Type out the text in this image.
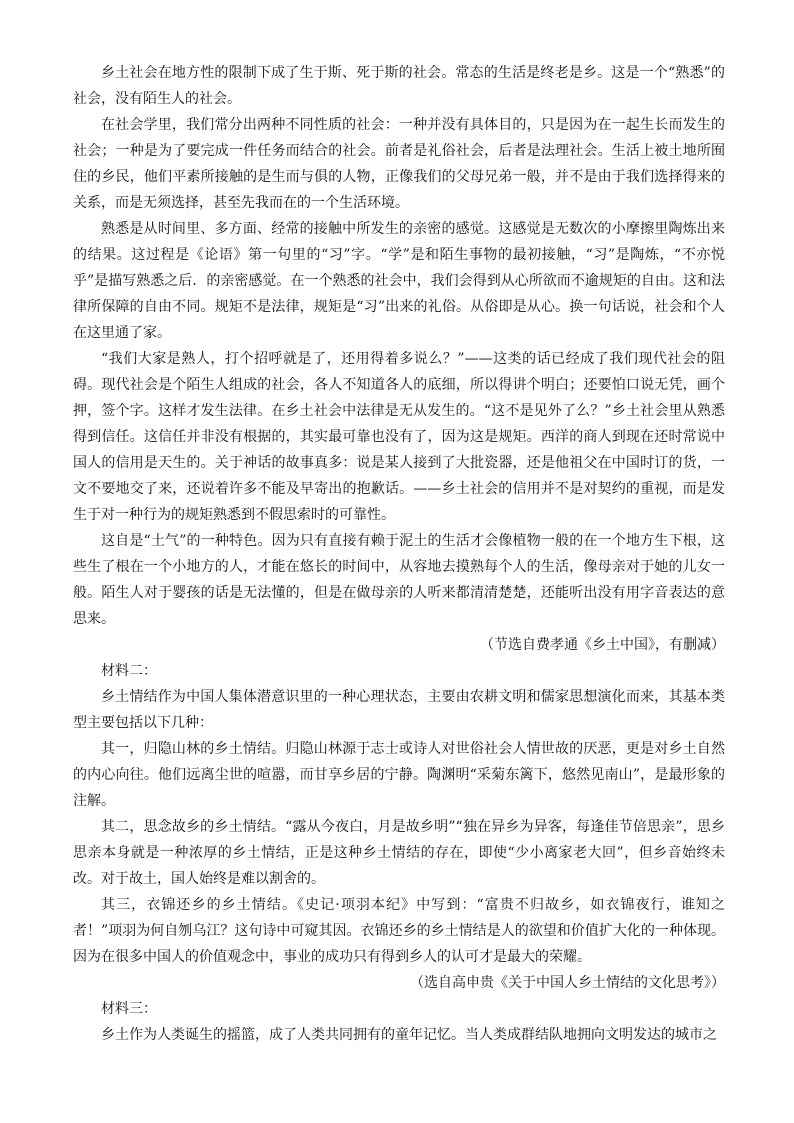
乡土社会在地方性的限制下成了生于斯、死于斯的社会。常态的生活是终老是乡。这是一个“熟悉”的社会，没有陌生人的社会。

在社会学里，我们常分出两种不同性质的社会：一种并没有具体目的，只是因为在一起生长而发生的社会；一种是为了要完成一件任务而结合的社会。前者是礼俗社会，后者是法理社会。生活上被土地所囿住的乡民，他们平素所接触的是生而与俱的人物，正像我们的父母兄弟一般，并不是由于我们选择得来的关系，而是无须选择，甚至先我而在的一个生活环境。

熟悉是从时间里、多方面、经常的接触中所发生的亲密的感觉。这感觉是无数次的小摩擦里陶炼出来的结果。这过程是《论语》第一句里的“习”字。“学”是和陌生事物的最初接触，“习”是陶炼，“不亦悦乎”是描写熟悉之后．的亲密感觉。在一个熟悉的社会中，我们会得到从心所欲而不逾规矩的自由。这和法律所保障的自由不同。规矩不是法律，规矩是“习”出来的礼俗。从俗即是从心。换一句话说，社会和个人在这里通了家。

“我们大家是熟人，打个招呼就是了，还用得着多说么？”——这类的话已经成了我们现代社会的阻碍。现代社会是个陌生人组成的社会，各人不知道各人的底细，所以得讲个明白；还要怕口说无凭，画个押，签个字。这样才发生法律。在乡土社会中法律是无从发生的。“这不是见外了么？”乡土社会里从熟悉得到信任。这信任并非没有根据的，其实最可靠也没有了，因为这是规矩。西洋的商人到现在还时常说中国人的信用是天生的。关于神话的故事真多：说是某人接到了大批瓷器，还是他祖父在中国时订的货，一文不要地交了来，还说着许多不能及早寄出的抱歉话。——乡土社会的信用并不是对契约的重视，而是发生于对一种行为的规矩熟悉到不假思索时的可靠性。

这自是“土气”的一种特色。因为只有直接有赖于泥土的生活才会像植物一般的在一个地方生下根，这些生了根在一个小地方的人，才能在悠长的时间中，从容地去摸熟每个人的生活，像母亲对于她的儿女一般。陌生人对于婴孩的话是无法懂的，但是在做母亲的人听来都清清楚楚，还能听出没有用字音表达的意思来。

（节选自费孝通《乡土中国》，有删减）

材料二：

乡土情结作为中国人集体潜意识里的一种心理状态，主要由农耕文明和儒家思想演化而来，其基本类型主要包括以下几种：

其一，归隐山林的乡土情结。归隐山林源于志士或诗人对世俗社会人情世故的厌恶，更是对乡土自然的内心向往。他们远离尘世的喧嚣，而甘享乡居的宁静。陶渊明“采菊东篱下，悠然见南山”，是最形象的注解。

其二，思念故乡的乡土情结。“露从今夜白，月是故乡明”“独在异乡为异客，每逢佳节倍思亲”，思乡思亲本身就是一种浓厚的乡土情结，正是这种乡土情结的存在，即使“少小离家老大回”，但乡音始终未改。对于故土，国人始终是难以割舍的。

其三，衣锦还乡的乡土情结。《史记·项羽本纪》中写到：“富贵不归故乡，如衣锦夜行，谁知之者！”项羽为何自刎乌江？这句诗中可窥其因。衣锦还乡的乡土情结是人的欲望和价值扩大化的一种体现。因为在很多中国人的价值观念中，事业的成功只有得到乡人的认可才是最大的荣耀。

（选自高申贵《关于中国人乡土情结的文化思考》）

材料三：

乡土作为人类诞生的摇篮，成了人类共同拥有的童年记忆。当人类成群结队地拥向文明发达的城市之
